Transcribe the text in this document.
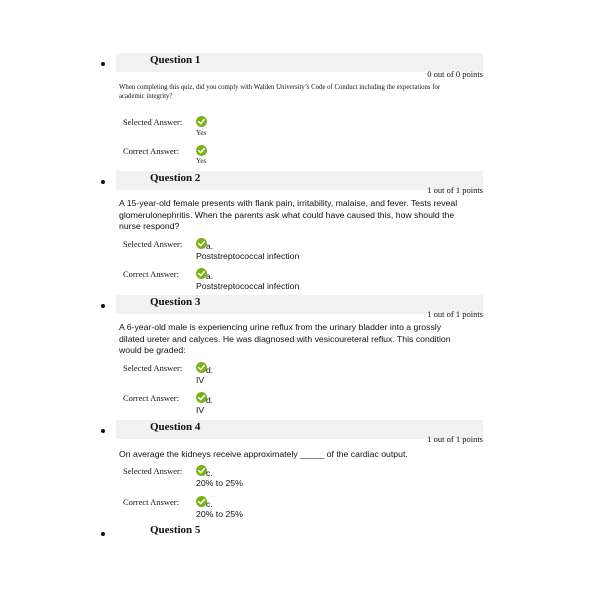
Question 1
0 out of 0 points
When completing this quiz, did you comply with Walden University’s Code of Conduct including the expectations for academic integrity?
Selected Answer:
Yes
Correct Answer:
Yes
Question 2
1 out of 1 points
A 15-year-old female presents with flank pain, irritability, malaise, and fever. Tests reveal glomerulonephritis. When the parents ask what could have caused this, how should the nurse respond?
Selected Answer:	a.
Poststreptococcal infection
Correct Answer:	a.
Poststreptococcal infection
Question 3
1 out of 1 points
A 6-year-old male is experiencing urine reflux from the urinary bladder into a grossly dilated ureter and calyces. He was diagnosed with vesicoureteral reflux. This condition would be graded:
Selected Answer:	d.
IV
Correct Answer:	d.
IV
Question 4
1 out of 1 points
On average the kidneys receive approximately _____ of the cardiac output.
Selected Answer:	c.
20% to 25%
Correct Answer:	c.
20% to 25%
Question 5
